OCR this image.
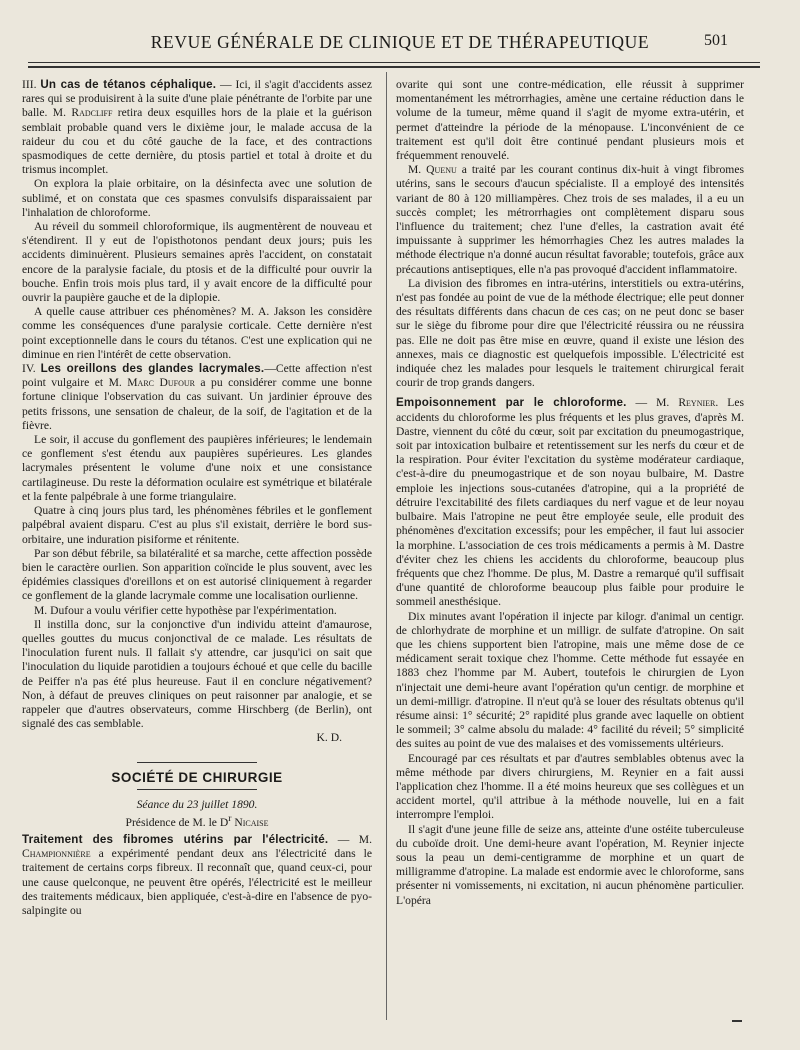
REVUE GÉNÉRALE DE CLINIQUE ET DE THÉRAPEUTIQUE	501

III. Un cas de tétanos céphalique. — Ici, il s'agit d'accidents assez rares qui se produisirent à la suite d'une plaie pénétrante de l'orbite par une balle. M. Radcliff retira deux esquilles hors de la plaie et la guérison semblait probable quand vers le dixième jour, le malade accusa de la raideur du cou et du côté gauche de la face, et des contractions spasmodiques de cette dernière, du ptosis partiel et total à droite et du trismus incomplet.

On explora la plaie orbitaire, on la désinfecta avec une solution de sublimé, et on constata que ces spasmes convulsifs disparaissaient par l'inhalation de chloroforme.

Au réveil du sommeil chloroformique, ils augmentèrent de nouveau et s'étendirent. Il y eut de l'opisthotonos pendant deux jours; puis les accidents diminuèrent. Plusieurs semaines après l'accident, on constatait encore de la paralysie faciale, du ptosis et de la difficulté pour ouvrir la bouche. Enfin trois mois plus tard, il y avait encore de la difficulté pour ouvrir la paupière gauche et de la diplopie.

A quelle cause attribuer ces phénomènes? M. A. Jakson les considère comme les conséquences d'une paralysie corticale. Cette dernière n'est point exceptionnelle dans le cours du tétanos. C'est une explication qui ne diminue en rien l'intérêt de cette observation.

IV. Les oreillons des glandes lacrymales.—Cette affection n'est point vulgaire et M. Marc Dufour a pu considérer comme une bonne fortune clinique l'observation du cas suivant. Un jardinier éprouve des petits frissons, une sensation de chaleur, de la soif, de l'agitation et de la fièvre.

Le soir, il accuse du gonflement des paupières inférieures; le lendemain ce gonflement s'est étendu aux paupières supérieures. Les glandes lacrymales présentent le volume d'une noix et une consistance cartilagineuse. Du reste la déformation oculaire est symétrique et bilatérale et la fente palpébrale à une forme triangulaire.

Quatre à cinq jours plus tard, les phénomènes fébriles et le gonflement palpébral avaient disparu. C'est au plus s'il existait, derrière le bord sus-orbitaire, une induration pisiforme et rénitente.

Par son début fébrile, sa bilatéralité et sa marche, cette affection possède bien le caractère ourlien. Son apparition coïncide le plus souvent, avec les épidémies classiques d'oreillons et on est autorisé cliniquement à regarder ce gonflement de la glande lacrymale comme une localisation ourlienne.

M. Dufour a voulu vérifier cette hypothèse par l'expérimentation.

Il instilla donc, sur la conjonctive d'un individu atteint d'amaurose, quelles gouttes du mucus conjonctival de ce malade. Les résultats de l'inoculation furent nuls. Il fallait s'y attendre, car jusqu'ici on sait que l'inoculation du liquide parotidien a toujours échoué et que celle du bacille de Peiffer n'a pas été plus heureuse. Faut il en conclure négativement? Non, à défaut de preuves cliniques on peut raisonner par analogie, et se rappeler que d'autres observateurs, comme Hirschberg (de Berlin), ont signalé des cas semblable.

K. D.
SOCIÉTÉ DE CHIRURGIE
Séance du 23 juillet 1890.
Présidence de M. le $D^r$ Nicaise

Traitement des fibromes utérins par l'électricité. — M. Championnière a expérimenté pendant deux ans l'électricité dans le traitement de certains corps fibreux. Il reconnaît que, quand ceux-ci, pour une cause quelconque, ne peuvent être opérés, l'électricité est le meilleur des traitements médicaux, bien appliquée, c'est-à-dire en l'absence de pyo-salpingite ou

ovarite qui sont une contre-médication, elle réussit à supprimer momentanément les métrorrhagies, amène une certaine réduction dans le volume de la tumeur, même quand il s'agit de myome extra-utérin, et permet d'atteindre la période de la ménopause. L'inconvénient de ce traitement est qu'il doit être continué pendant plusieurs mois et fréquemment renouvelé.

M. Quenu a traité par les courant continus dix-huit à vingt fibromes utérins, sans le secours d'aucun spécialiste. Il a employé des intensités variant de 80 à 120 milliampères. Chez trois de ses malades, il a eu un succès complet; les métrorrhagies ont complètement disparu sous l'influence du traitement; chez l'une d'elles, la castration avait été impuissante à supprimer les hémorrhagies Chez les autres malades la méthode électrique n'a donné aucun résultat favorable; toutefois, grâce aux précautions antiseptiques, elle n'a pas provoqué d'accident inflammatoire.

La division des fibromes en intra-utérins, interstitiels ou extra-utérins, n'est pas fondée au point de vue de la méthode électrique; elle peut donner des résultats différents dans chacun de ces cas; on ne peut donc se baser sur le siège du fibrome pour dire que l'électricité réussira ou ne réussira pas. Elle ne doit pas être mise en œuvre, quand il existe une lésion des annexes, mais ce diagnostic est quelquefois impossible. L'électricité est indiquée chez les malades pour lesquels le traitement chirurgical ferait courir de trop grands dangers.

Empoisonnement par le chloroforme. — M. Reynier. Les accidents du chloroforme les plus fréquents et les plus graves, d'après M. Dastre, viennent du côté du cœur, soit par excitation du pneumogastrique, soit par intoxication bulbaire et retentissement sur les nerfs du cœur et de la respiration. Pour éviter l'excitation du système modérateur cardiaque, c'est-à-dire du pneumogastrique et de son noyau bulbaire, M. Dastre emploie les injections sous-cutanées d'atropine, qui a la propriété de détruire l'excitabilité des filets cardiaques du nerf vague et de leur noyau bulbaire. Mais l'atropine ne peut être employée seule, elle produit des phénomènes d'excitation excessifs; pour les empêcher, il faut lui associer la morphine. L'association de ces trois médicaments a permis à M. Dastre d'éviter chez les chiens les accidents du chloroforme, beaucoup plus fréquents que chez l'homme. De plus, M. Dastre a remarqué qu'il suffisait d'une quantité de chloroforme beaucoup plus faible pour produire le sommeil anesthésique.

Dix minutes avant l'opération il injecte par kilogr. d'animal un centigr. de chlorhydrate de morphine et un milligr. de sulfate d'atropine. On sait que les chiens supportent bien l'atropine, mais une même dose de ce médicament serait toxique chez l'homme. Cette méthode fut essayée en 1883 chez l'homme par M. Aubert, toutefois le chirurgien de Lyon n'injectait une demi-heure avant l'opération qu'un centigr. de morphine et un demi-milligr. d'atropine. Il n'eut qu'à se louer des résultats obtenus qu'il résume ainsi: 1° sécurité; 2° rapidité plus grande avec laquelle on obtient le sommeil; 3° calme absolu du malade: 4° facilité du réveil; 5° simplicité des suites au point de vue des malaises et des vomissements ultérieurs.

Encouragé par ces résultats et par d'autres semblables obtenus avec la même méthode par divers chirurgiens, M. Reynier en a fait aussi l'application chez l'homme. Il a été moins heureux que ses collègues et un accident mortel, qu'il attribue à la méthode nouvelle, lui en a fait interrompre l'emploi.

Il s'agit d'une jeune fille de seize ans, atteinte d'une ostéite tuberculeuse du cuboïde droit. Une demi-heure avant l'opération, M. Reynier injecte sous la peau un demi-centigramme de morphine et un quart de milligramme d'atropine. La malade est endormie avec le chloroforme, sans présenter ni vomissements, ni excitation, ni aucun phénomène particulier. L'opéra
